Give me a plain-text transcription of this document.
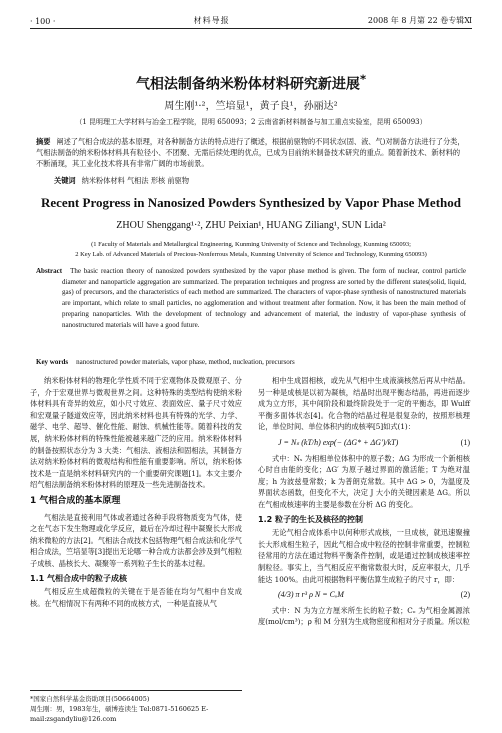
· 100 ·	材料导报	2008 年 8 月第 22 卷专辑Ⅺ
气相法制备纳米粉体材料研究新进展*
周生刚¹·²，竺培显¹，黄子良¹，孙丽达²
（1 昆明理工大学材料与冶金工程学院，昆明 650093；2 云南省新材料制备与加工重点实验室，昆明 650093）
摘要 阐述了气相合成法的基本原理，对各种制备方法的特点进行了概述，根据前驱物的不同状态(固、液、气)对制备方法进行了分类，气相法制备的纳米粉体材料具有粒径小、不团聚、无需后续处理的优点，已成为目前纳米制备技术研究的重点。随着新技术、新材料的不断涌现，其工业化技术将具有非常广阔的市场前景。
关键词 纳米粉体材料 气相法 形核 前驱物
Recent Progress in Nanosized Powders Synthesized by Vapor Phase Method
ZHOU Shenggang¹·², ZHU Peixian¹, HUANG Ziliang¹, SUN Lida²
(1 Faculty of Materials and Metallurgical Engineering, Kunming University of Science and Technology, Kunming 650093;
2 Key Lab. of Advanced Materials of Precious-Nonferrous Metals, Kunming University of Science and Technology, Kunming 650093)
Abstract The basic reaction theory of nanosized powders synthesized by the vapor phase method is given. The form of nuclear, control particle diameter and nanoparticle aggregation are summarized. The preparation techniques and progress are sorted by the different states(solid, liquid, gas) of precursors, and the characteristics of each method are summarized. The characters of vapor-phase synthesis of nanostructured materials are important, which relate to small particles, no agglomeration and without treatment after formation. Now, it has been the main method of preparing nanoparticles. With the development of technology and advancement of material, the industry of vapor-phase synthesis of nanostructured materials will have a good future.
Key words nanostructured powder materials, vapor phase, method, nucleation, precursors

纳米粉体材料的物理化学性质不同于宏观物体及微观原子、分子，介于宏观世界与微观世界之间。这种特殊的类型结构使纳米粉体材料具有奇异的效应，如小尺寸效应、表面效应、量子尺寸效应和宏观量子隧道效应等，因此纳米材料也具有特殊的光学、力学、磁学、电学、超导、催化性能、耐蚀、机械性能等。随着科技的发展，纳米粉体材料的特殊性能被越来越广泛的应用。纳米粉体材料的制备按照状态分为 3 大类：气相法、液相法和固相法，其制备方法对纳米粉体材料的微观结构和性能有重要影响。所以，纳米粉体技术是一直是纳米材料研究内的一个重要研究课题[1]。本文主要介绍气相法制备纳米粉体材料的原理及一些先进制备技术。

1 气相合成的基本原理

气相法是直接利用气体或者通过各种手段将物质变为气体，使之在气态下发生物理或化学反应，最后在冷却过程中凝聚长大形成纳米微粒的方法[2]。气相法合成技术包括物理气相合成法和化学气相合成法，竺培显等[3]提出无论哪一种合成方法都会涉及到气相粒子成核、晶核长大、凝聚等一系列粒子生长的基本过程。

1.1 气相合成中的粒子成核

气相反应生成超微粒的关键在于是否能在均匀气相中自发成核。在气相情况下有两种不同的成核方式，一种是直接从气

相中生成固相核，或先从气相中生成液滴核然后再从中结晶。另一种是成核是以初为凝核，结晶时出现平衡态结晶，再进而逐步成为立方形，其中间阶段和最终阶段处于一定的平衡态，即 Wulff 平衡多面体状态[4]。化合物的结晶过程是很复杂的，按照形核理论，单位时间、单位体积内的成核率[5]如式(1)：

J = Nₛ (kT/h) exp(− (ΔG* + ΔG′)/kT)	(1)

式中：Nₛ 为相相单位体积中的原子数；ΔG 为形成一个新相核心时自由能的变化；ΔG′ 为原子越过界面的激活能；T 为绝对温度；h 为波兹曼常数；k 为普朗克常数。其中 ΔG > 0，为温度及界面状态函数，但变化不大，决定 J 大小的关键因素是 ΔG。所以在气相成核速率的主要是参数在分析 ΔG 的变化。

1.2 粒子的生长及核径的控制

无论气相合成体系中以何种形式成核，一旦成核，就迅速聚撞长大形成相生粒子，因此气相合成中粒径的控制非常重要，控制粒径常用的方法在通过物料平衡条件控制，或是通过控制成核速率控制粒径。事实上，当气相反应平衡常数很大时，反应率很大，几乎能达 100%。由此可根据物料平衡估算生成粒子的尺寸 r，即：

(4/3) π r³ ρ N = CₒM	(2)

式中：N 为为立方厘米所生长的粒子数；Cₒ 为气相金属源浓度(mol/cm³)；ρ 和 M 分别为生成物密度和相对分子质量。所以粒

*国家自然科学基金资助项目(50664005)
周生刚：男，1983年生，硕博连读生 Tel:0871-5160625 E-mail:zsgandyliu@126.com
